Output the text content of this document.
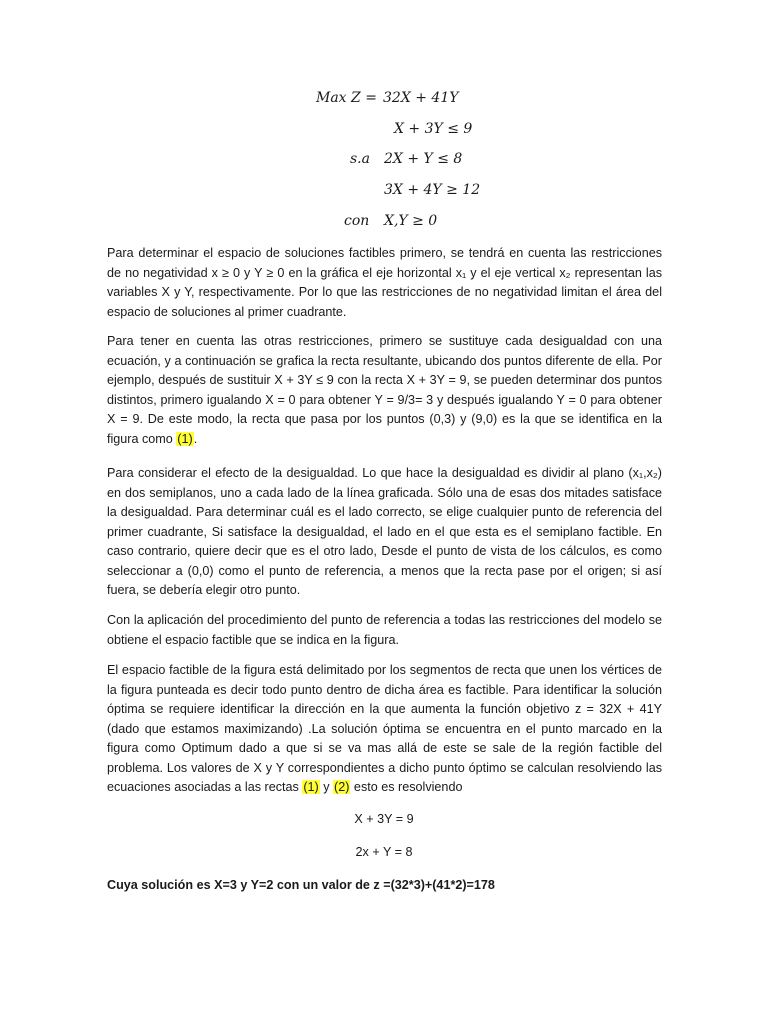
Max Z = 32X + 41Y
X + 3Y ≤ 9
s.a 2X + Y ≤ 8
3X + 4Y ≥ 12
con X,Y ≥ 0

Para determinar el espacio de soluciones factibles primero, se tendrá en cuenta las restricciones de no negatividad x ≥ 0 y Y ≥ 0 en la gráfica el eje horizontal x₁ y el eje vertical x₂ representan las variables X y Y, respectivamente. Por lo que las restricciones de no negatividad limitan el área del espacio de soluciones al primer cuadrante.

Para tener en cuenta las otras restricciones, primero se sustituye cada desigualdad con una ecuación, y a continuación se grafica la recta resultante, ubicando dos puntos diferente de ella. Por ejemplo, después de sustituir X + 3Y ≤ 9 con la recta X + 3Y = 9, se pueden determinar dos puntos distintos, primero igualando X = 0 para obtener Y = 9/3= 3 y después igualando Y = 0 para obtener X = 9. De este modo, la recta que pasa por los puntos (0,3) y (9,0) es la que se identifica en la figura como (1).

Para considerar el efecto de la desigualdad. Lo que hace la desigualdad es dividir al plano (x₁,x₂) en dos semiplanos, uno a cada lado de la línea graficada. Sólo una de esas dos mitades satisface la desigualdad. Para determinar cuál es el lado correcto, se elige cualquier punto de referencia del primer cuadrante, Si satisface la desigualdad, el lado en el que esta es el semiplano factible. En caso contrario, quiere decir que es el otro lado, Desde el punto de vista de los cálculos, es como seleccionar a (0,0) como el punto de referencia, a menos que la recta pase por el origen; si así fuera, se debería elegir otro punto.

Con la aplicación del procedimiento del punto de referencia a todas las restricciones del modelo se obtiene el espacio factible que se indica en la figura.

El espacio factible de la figura está delimitado por los segmentos de recta que unen los vértices de la figura punteada es decir todo punto dentro de dicha área es factible. Para identificar la solución óptima se requiere identificar la dirección en la que aumenta la función objetivo z = 32X + 41Y (dado que estamos maximizando) .La solución óptima se encuentra en el punto marcado en la figura como Optimum dado a que si se va mas allá de este se sale de la región factible del problema. Los valores de X y Y correspondientes a dicho punto óptimo se calculan resolviendo las ecuaciones asociadas a las rectas (1) y (2) esto es resolviendo

X + 3Y = 9
2x + Y = 8

Cuya solución es X=3 y Y=2 con un valor de z =(32*3)+(41*2)=178
